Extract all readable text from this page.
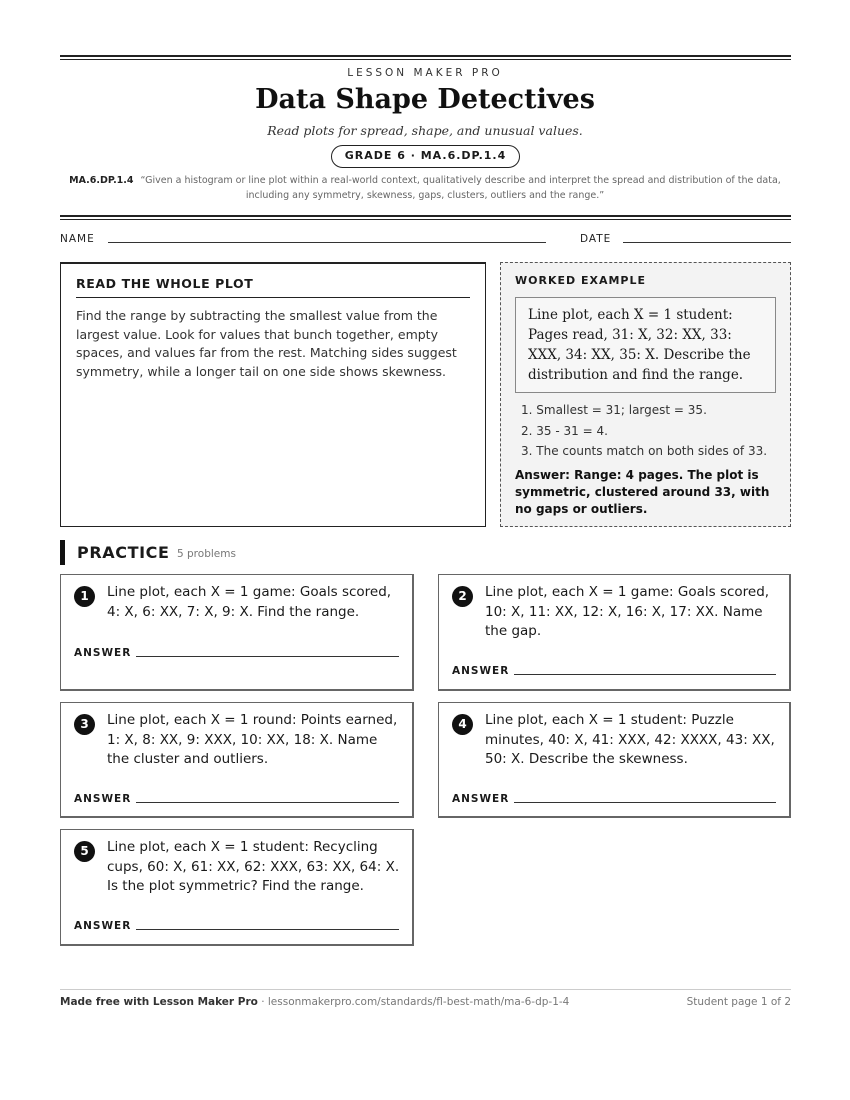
LESSON MAKER PRO
Data Shape Detectives
Read plots for spread, shape, and unusual values.
GRADE 6 · MA.6.DP.1.4
MA.6.DP.1.4 “Given a histogram or line plot within a real-world context, qualitatively describe and interpret the spread and distribution of the data, including any symmetry, skewness, gaps, clusters, outliers and the range.”
NAME	DATE
READ THE WHOLE PLOT
Find the range by subtracting the smallest value from the largest value. Look for values that bunch together, empty spaces, and values far from the rest. Matching sides suggest symmetry, while a longer tail on one side shows skewness.
WORKED EXAMPLE
Line plot, each X = 1 student: Pages read, 31: X, 32: XX, 33: XXX, 34: XX, 35: X. Describe the distribution and find the range.
1. Smallest = 31; largest = 35.
2. 35 - 31 = 4.
3. The counts match on both sides of 33.
Answer: Range: 4 pages. The plot is symmetric, clustered around 33, with no gaps or outliers.
PRACTICE 5 problems
1	Line plot, each X = 1 game: Goals scored, 4: X, 6: XX, 7: X, 9: X. Find the range.
ANSWER
2	Line plot, each X = 1 game: Goals scored, 10: X, 11: XX, 12: X, 16: X, 17: XX. Name the gap.
ANSWER
3	Line plot, each X = 1 round: Points earned, 1: X, 8: XX, 9: XXX, 10: XX, 18: X. Name the cluster and outliers.
ANSWER
4	Line plot, each X = 1 student: Puzzle minutes, 40: X, 41: XXX, 42: XXXX, 43: XX, 50: X. Describe the skewness.
ANSWER
5	Line plot, each X = 1 student: Recycling cups, 60: X, 61: XX, 62: XXX, 63: XX, 64: X. Is the plot symmetric? Find the range.
ANSWER
Made free with Lesson Maker Pro · lessonmakerpro.com/standards/fl-best-math/ma-6-dp-1-4	Student page 1 of 2
